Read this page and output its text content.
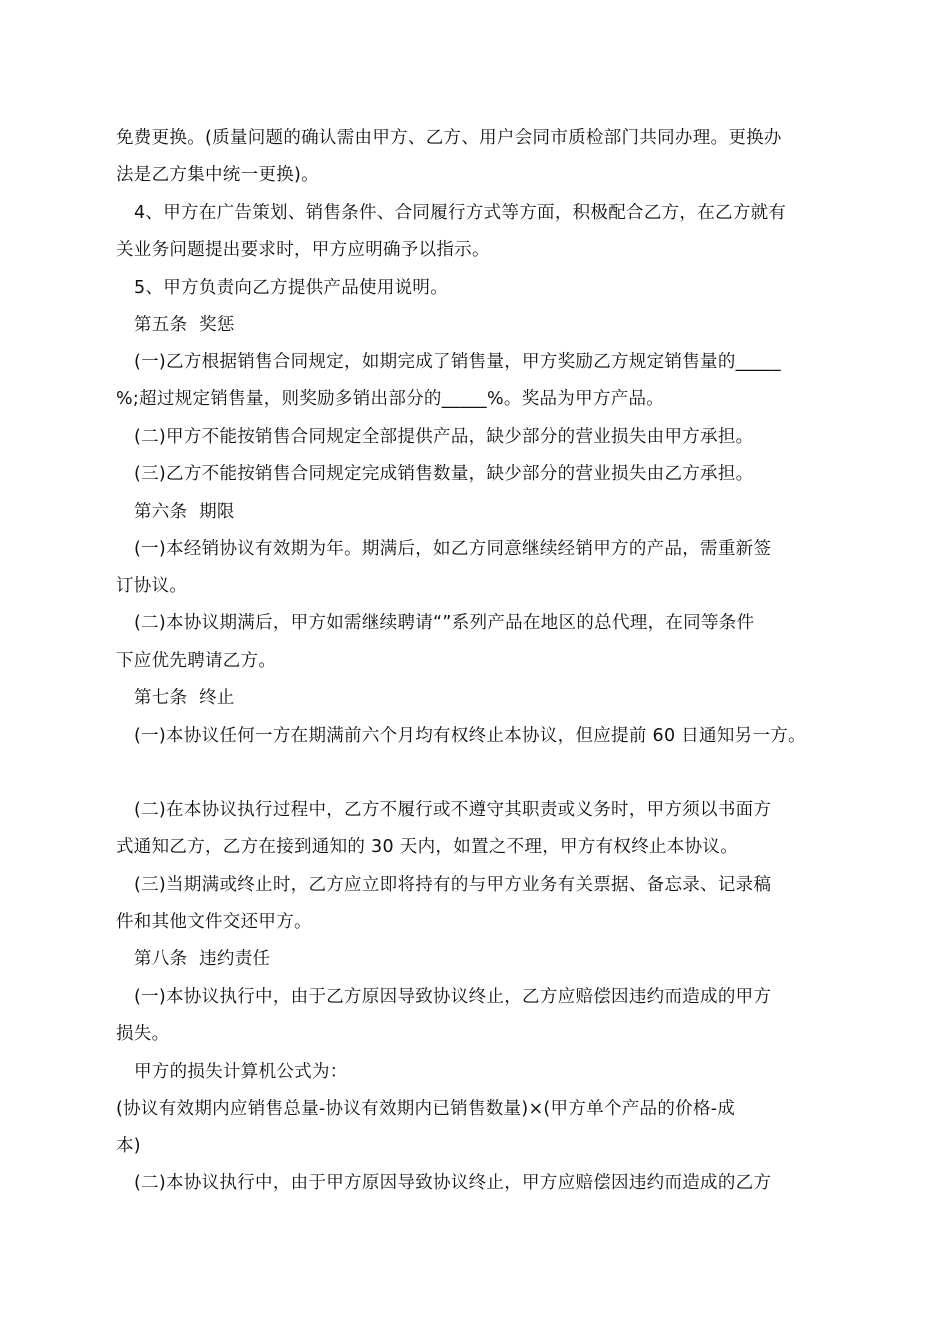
免费更换。(质量问题的确认需由甲方、乙方、用户会同市质检部门共同办理。更换办
法是乙方集中统一更换)。
4、甲方在广告策划、销售条件、合同履行方式等方面，积极配合乙方，在乙方就有
关业务问题提出要求时，甲方应明确予以指示。
5、甲方负责向乙方提供产品使用说明。
第五条  奖惩
(一)乙方根据销售合同规定，如期完成了销售量，甲方奖励乙方规定销售量的_____
%;超过规定销售量，则奖励多销出部分的_____%。奖品为甲方产品。
(二)甲方不能按销售合同规定全部提供产品，缺少部分的营业损失由甲方承担。
(三)乙方不能按销售合同规定完成销售数量，缺少部分的营业损失由乙方承担。
第六条  期限
(一)本经销协议有效期为年。期满后，如乙方同意继续经销甲方的产品，需重新签
订协议。
(二)本协议期满后，甲方如需继续聘请“”系列产品在地区的总代理，在同等条件
下应优先聘请乙方。
第七条  终止
(一)本协议任何一方在期满前六个月均有权终止本协议，但应提前 60 日通知另一方。
(二)在本协议执行过程中，乙方不履行或不遵守其职责或义务时，甲方须以书面方
式通知乙方，乙方在接到通知的 30 天内，如置之不理，甲方有权终止本协议。
(三)当期满或终止时，乙方应立即将持有的与甲方业务有关票据、备忘录、记录稿
件和其他文件交还甲方。
第八条  违约责任
(一)本协议执行中，由于乙方原因导致协议终止，乙方应赔偿因违约而造成的甲方
损失。
甲方的损失计算机公式为：
(协议有效期内应销售总量-协议有效期内已销售数量)×(甲方单个产品的价格-成
本)
(二)本协议执行中，由于甲方原因导致协议终止，甲方应赔偿因违约而造成的乙方
